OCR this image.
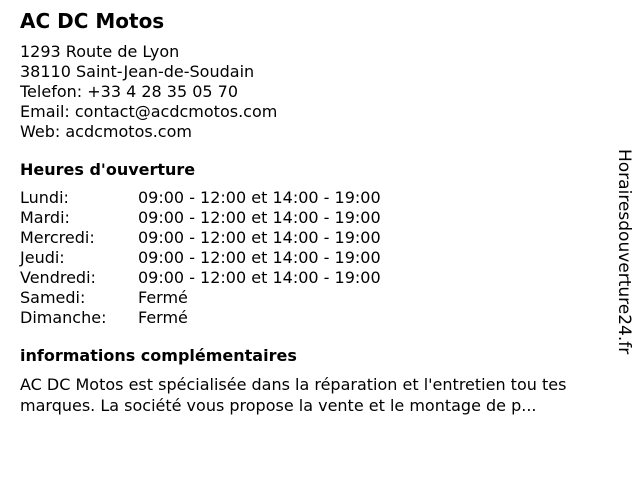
AC DC Motos
1293 Route de Lyon
38110 Saint-Jean-de-Soudain
Telefon: +33 4 28 35 05 70
Email: contact@acdcmotos.com
Web: acdcmotos.com
Heures d'ouverture
Lundi:	09:00 - 12:00 et 14:00 - 19:00
Mardi:	09:00 - 12:00 et 14:00 - 19:00
Mercredi:	09:00 - 12:00 et 14:00 - 19:00
Jeudi:	09:00 - 12:00 et 14:00 - 19:00
Vendredi:	09:00 - 12:00 et 14:00 - 19:00
Samedi:	Fermé
Dimanche:	Fermé
informations complémentaires
AC DC Motos est spécialisée dans la réparation et l'entretien tou tes marques. La société vous propose la vente et le montage de p...
Horairesdouverture24.fr
